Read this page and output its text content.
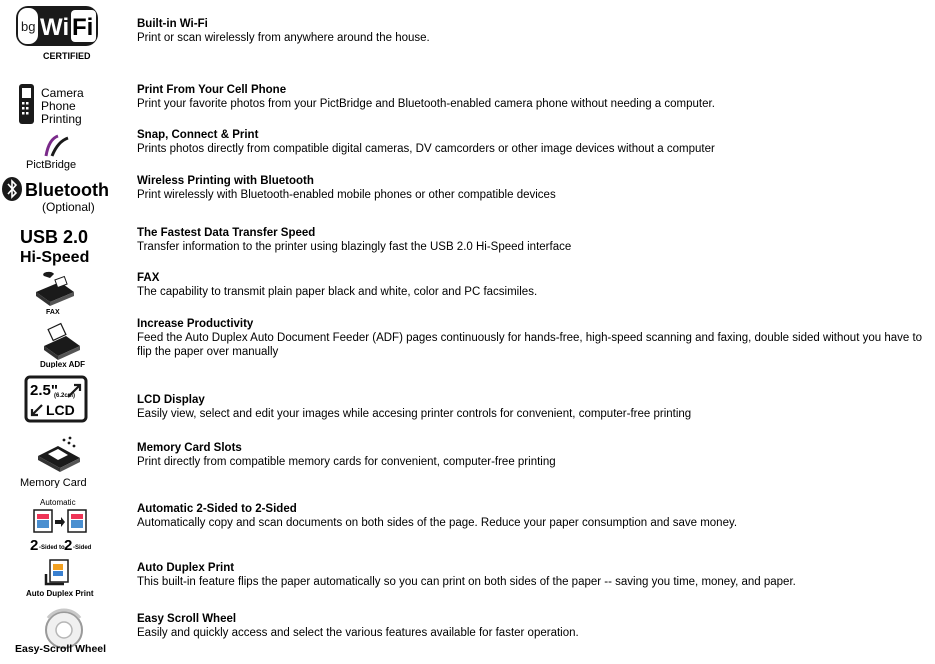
bg Wi Fi
CERTIFIED
Built-in Wi-Fi
Print or scan wirelessly from anywhere around the house.
Camera
Phone
Printing
Print From Your Cell Phone
Print your favorite photos from your PictBridge and Bluetooth-enabled camera phone without needing a computer.
PictBridge
Snap, Connect & Print
Prints photos directly from compatible digital cameras, DV camcorders or other image devices without a computer
Bluetooth
(Optional)
Wireless Printing with Bluetooth
Print wirelessly with Bluetooth-enabled mobile phones or other compatible devices
USB 2.0
Hi-Speed
The Fastest Data Transfer Speed
Transfer information to the printer using blazingly fast the USB 2.0 Hi-Speed interface
FAX
FAX
The capability to transmit plain paper black and white, color and PC facsimiles.
Duplex ADF
Increase Productivity
Feed the Auto Duplex Auto Document Feeder (ADF) pages continuously for hands-free, high-speed scanning and faxing, double sided without you have to flip the paper over manually
2.5"
(6.2cm)
LCD
LCD Display
Easily view, select and edit your images while accesing printer controls for convenient, computer-free printing
Memory Card
Memory Card Slots
Print directly from compatible memory cards for convenient, computer-free printing
Automatic
2 -Sided to 2 -Sided
Automatic 2-Sided to 2-Sided
Automatically copy and scan documents on both sides of the page. Reduce your paper consumption and save money.
Auto Duplex Print
Auto Duplex Print
This built-in feature flips the paper automatically so you can print on both sides of the paper -- saving you time, money, and paper.
Easy-Scroll Wheel
Easy Scroll Wheel
Easily and quickly access and select the various features available for faster operation.
